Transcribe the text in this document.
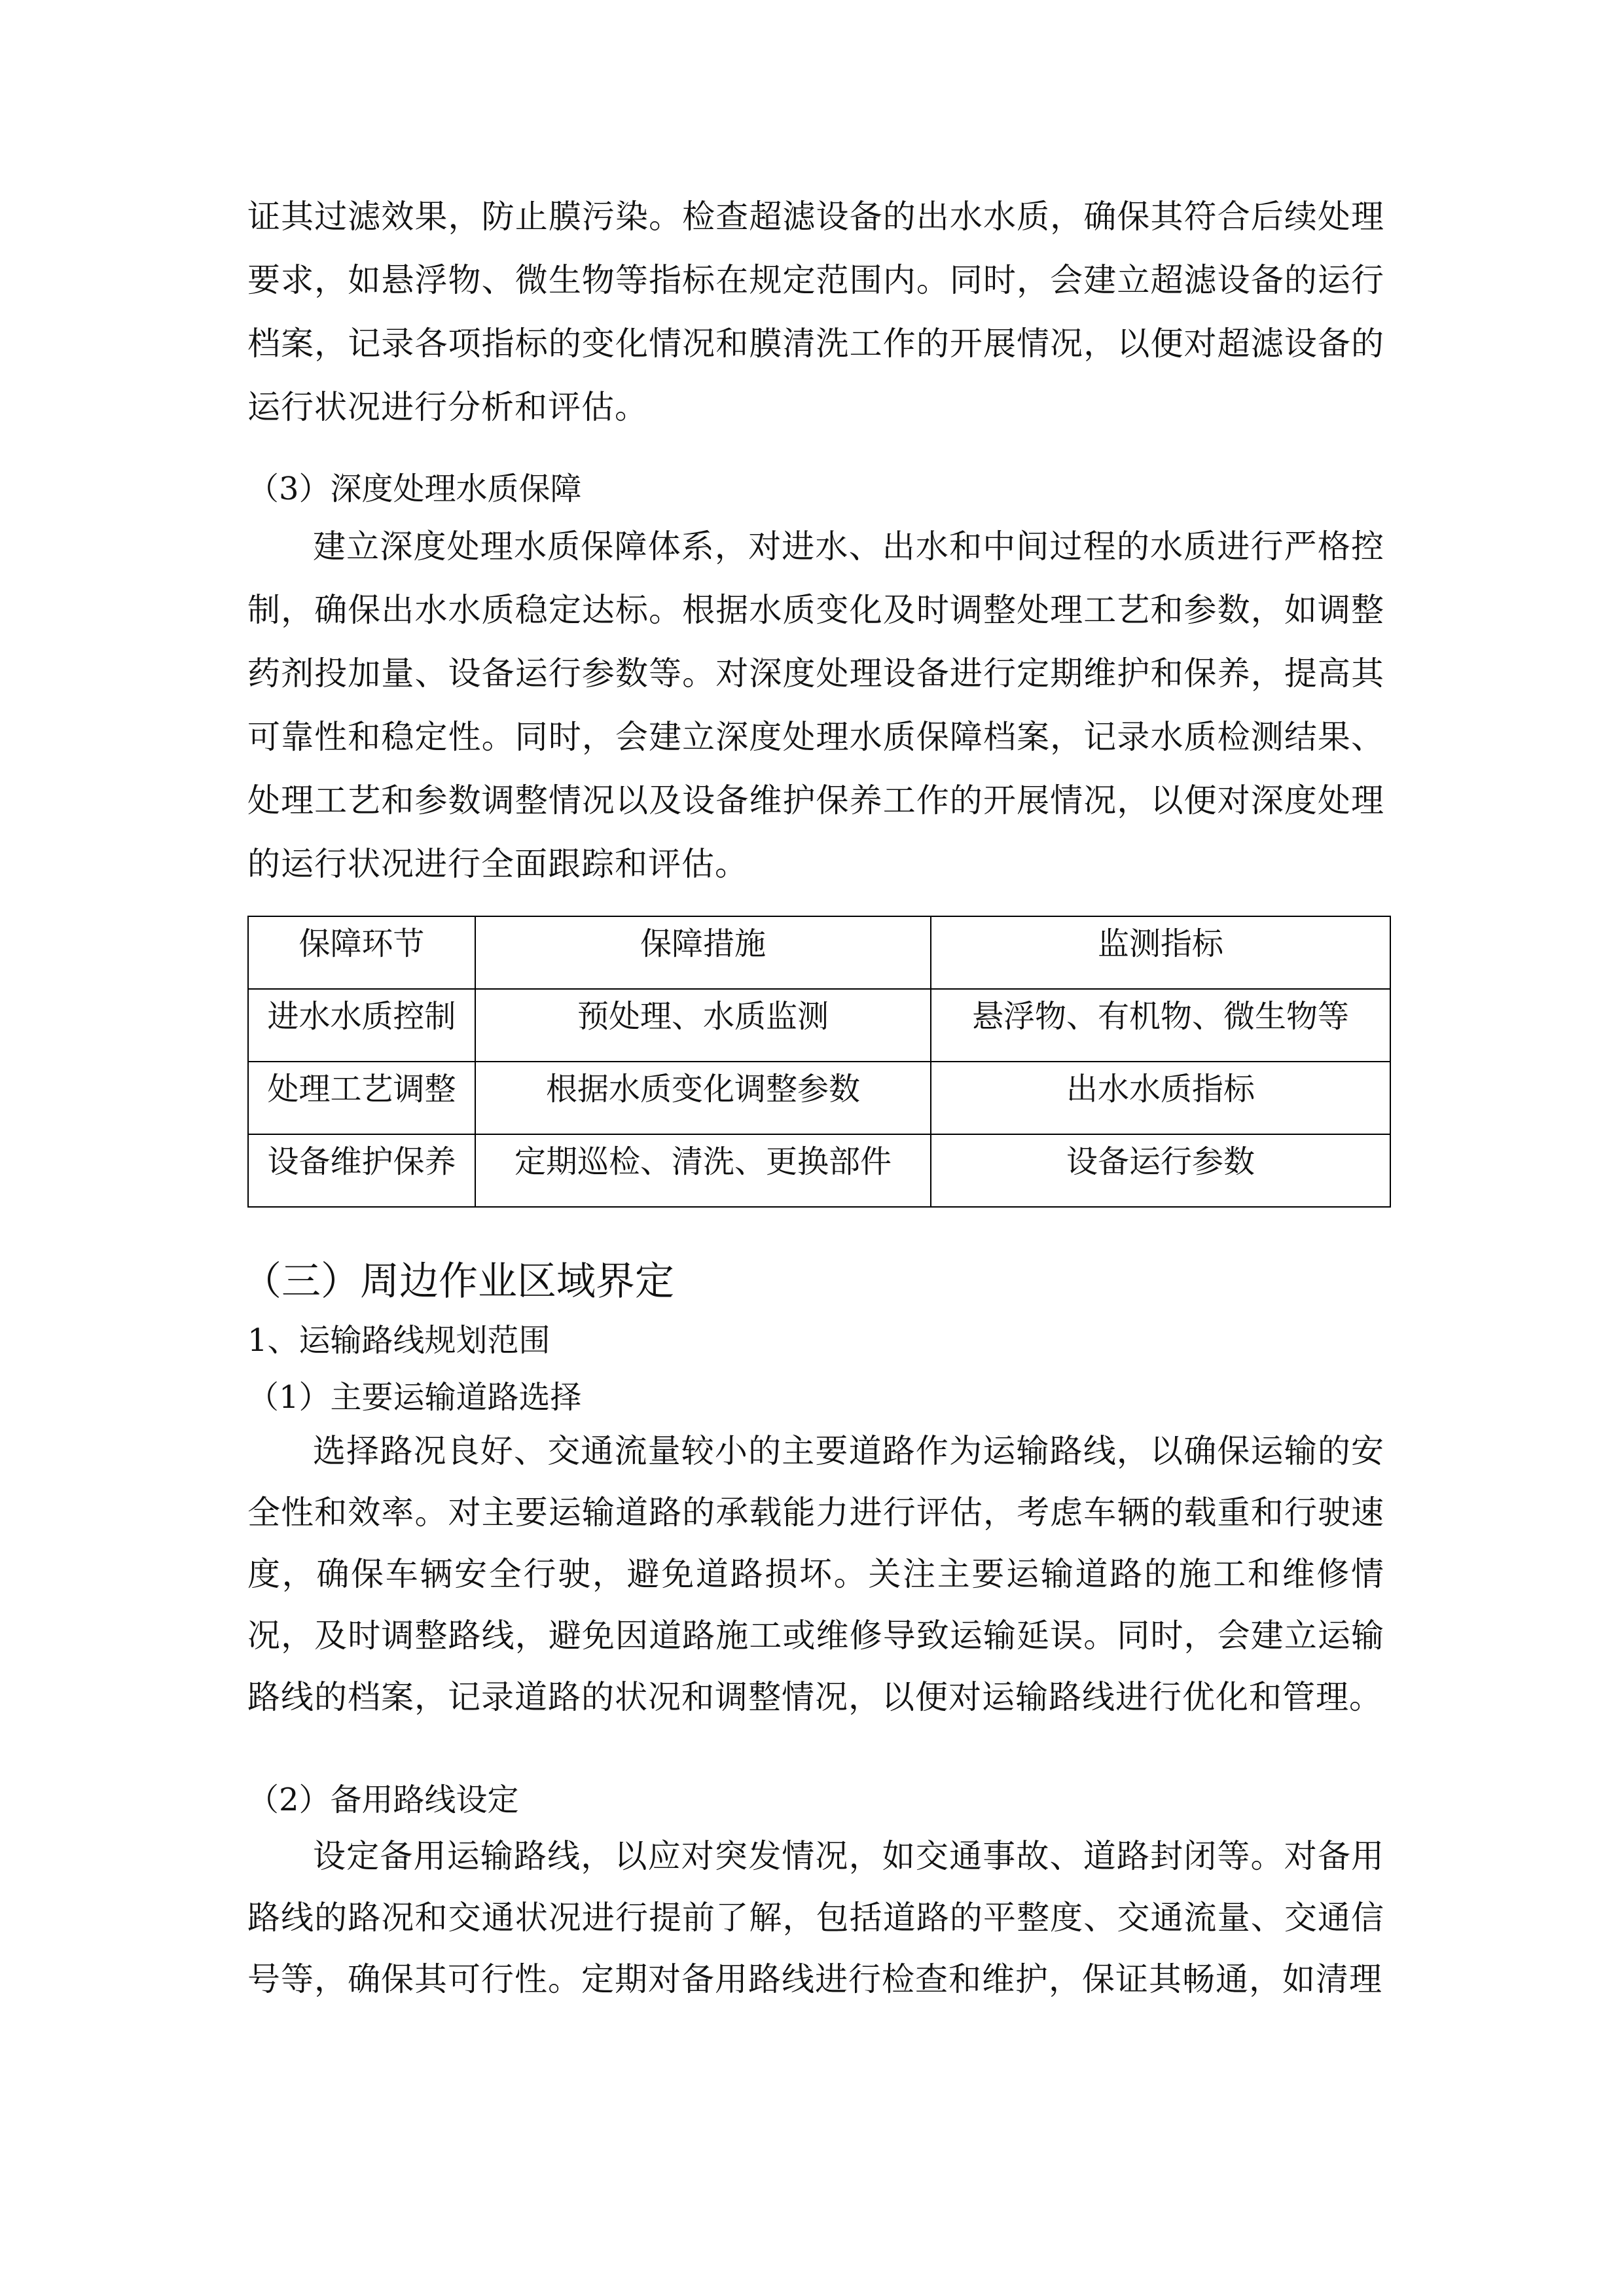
证其过滤效果，防止膜污染。检查超滤设备的出水水质，确保其符合后续处理要求，如悬浮物、微生物等指标在规定范围内。同时，会建立超滤设备的运行档案，记录各项指标的变化情况和膜清洗工作的开展情况，以便对超滤设备的运行状况进行分析和评估。

（3）深度处理水质保障

建立深度处理水质保障体系，对进水、出水和中间过程的水质进行严格控制，确保出水水质稳定达标。根据水质变化及时调整处理工艺和参数，如调整药剂投加量、设备运行参数等。对深度处理设备进行定期维护和保养，提高其可靠性和稳定性。同时，会建立深度处理水质保障档案，记录水质检测结果、处理工艺和参数调整情况以及设备维护保养工作的开展情况，以便对深度处理的运行状况进行全面跟踪和评估。

保障环节	保障措施	监测指标
进水水质控制	预处理、水质监测	悬浮物、有机物、微生物等
处理工艺调整	根据水质变化调整参数	出水水质指标
设备维护保养	定期巡检、清洗、更换部件	设备运行参数
（三）周边作业区域界定
1、运输路线规划范围
（1）主要运输道路选择

选择路况良好、交通流量较小的主要道路作为运输路线，以确保运输的安全性和效率。对主要运输道路的承载能力进行评估，考虑车辆的载重和行驶速度，确保车辆安全行驶，避免道路损坏。关注主要运输道路的施工和维修情况，及时调整路线，避免因道路施工或维修导致运输延误。同时，会建立运输路线的档案，记录道路的状况和调整情况，以便对运输路线进行优化和管理。

（2）备用路线设定

设定备用运输路线，以应对突发情况，如交通事故、道路封闭等。对备用路线的路况和交通状况进行提前了解，包括道路的平整度、交通流量、交通信号等，确保其可行性。定期对备用路线进行检查和维护，保证其畅通，如清理
